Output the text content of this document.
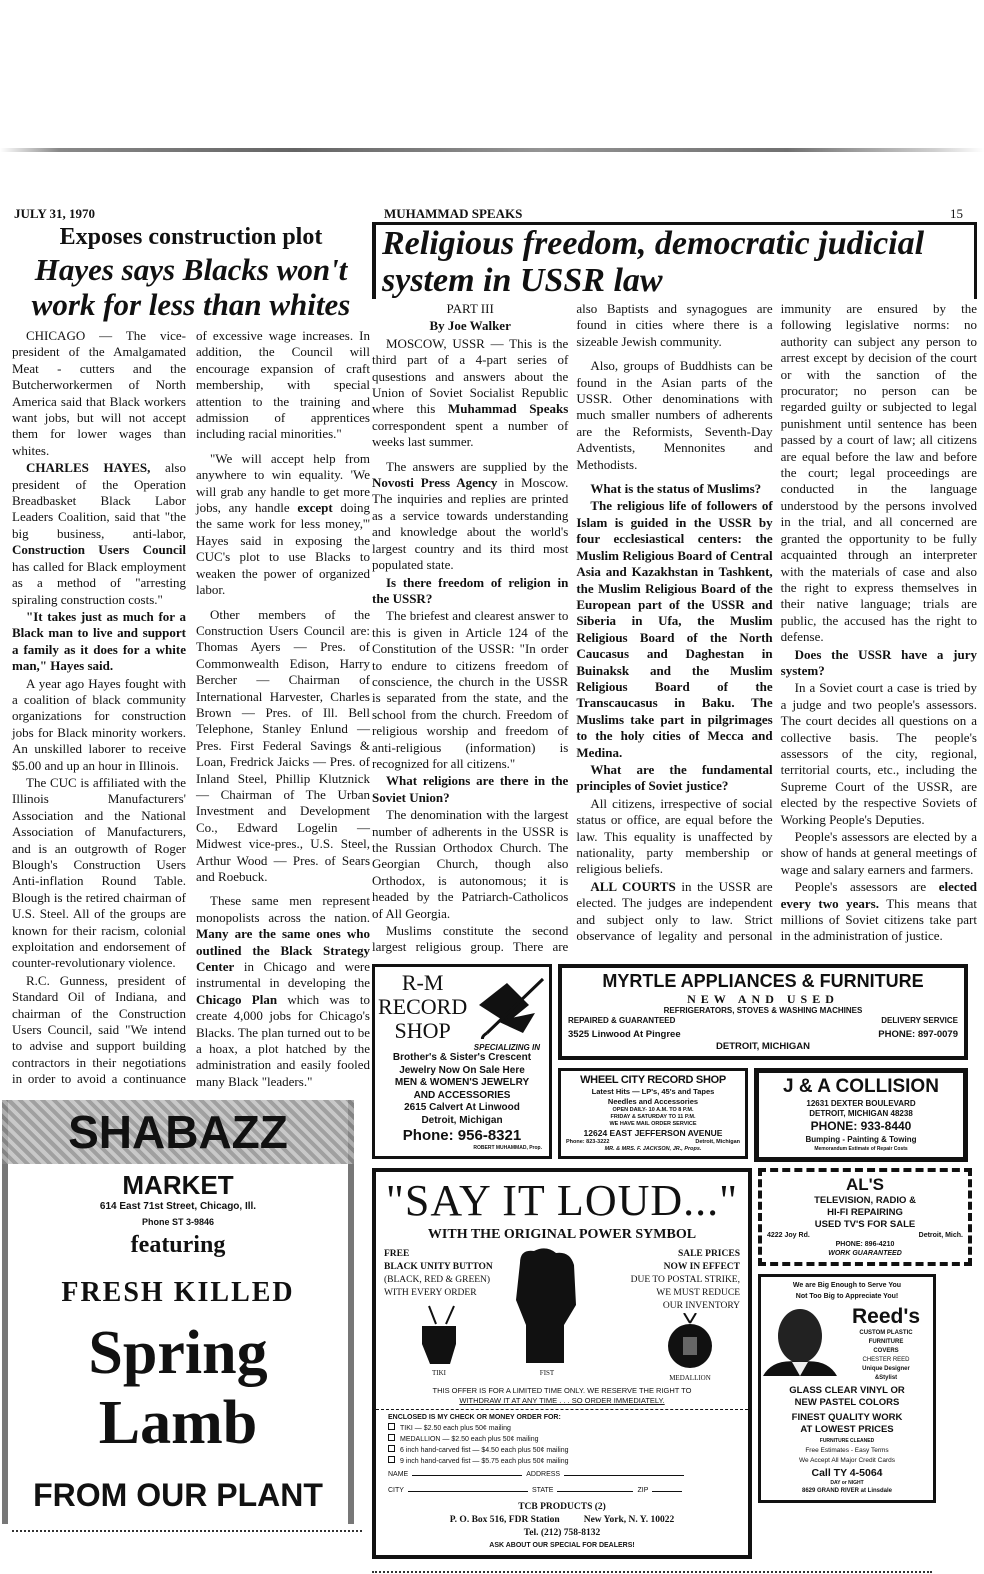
JULY 31, 1970	MUHAMMAD SPEAKS	15
Exposes construction plot
Hayes says Blacks won't work for less than whites

CHICAGO — The vice-president of the Amalgamated Meat - cutters and the Butcherworkermen of North America said that Black workers want jobs, but will not accept them for lower wages than whites.

CHARLES HAYES, also president of the Operation Breadbasket Black Labor Leaders Coalition, said that "the big business, anti-labor, Construction Users Council has called for Black employment as a method of "arresting spiraling construction costs."

"It takes just as much for a Black man to live and support a family as it does for a white man," Hayes said.

A year ago Hayes fought with a coalition of black community organizations for construction jobs for Black minority workers. An unskilled laborer to receive $5.00 and up an hour in Illinois.

The CUC is affiliated with the Illinois Manufacturers' Association and the National Association of Manufacturers, and is an outgrowth of Roger Blough's Construction Users Anti-inflation Round Table. Blough is the retired chairman of U.S. Steel. All of the groups are known for their racism, colonial exploitation and endorsement of counter-revolutionary violence.

R.C. Gunness, president of Standard Oil of Indiana, and chairman of the Construction Users Council, said "We intend to advise and support building contractors in their negotiations in order to avoid a continuance of excessive wage increases. In addition, the Council will encourage expansion of craft membership, with special attention to the training and admission of apprentices including racial minorities."

"We will accept help from anywhere to win equality. 'We will grab any handle to get more jobs, any handle except doing the same work for less money,''' Hayes said in exposing the CUC's plot to use Blacks to weaken the power of organized labor.

Other members of the Construction Users Council are: Thomas Ayers — Pres. of Commonwealth Edison, Harry Bercher — Chairman of International Harvester, Charles Brown — Pres. of Ill. Bell Telephone, Stanley Enlund — Pres. First Federal Savings & Loan, Fredrick Jaicks — Pres. of Inland Steel, Phillip Klutznick — Chairman of The Urban Investment and Development Co., Edward Logelin — Midwest vice-pres., U.S. Steel, Arthur Wood — Pres. of Sears and Roebuck.

These same men represent monopolists across the nation. Many are the same ones who outlined the Black Strategy Center in Chicago and were instrumental in developing the Chicago Plan which was to create 4,000 jobs for Chicago's Blacks. The plan turned out to be a hoax, a plot hatched by the administration and easily fooled many Black "leaders."

SHABAZZ
MARKET
614 East 71st Street, Chicago, Ill.
Phone ST 3-9846
featuring
FRESH KILLED
Spring
Lamb
FROM OUR PLANT
Religious freedom, democratic judicial system in USSR law

PART III

By Joe Walker

MOSCOW, USSR — This is the third part of a 4-part series of qusestions and answers about the Union of Soviet Socialist Republic where this Muhammad Speaks correspondent spent a number of weeks last summer.

The answers are supplied by the Novosti Press Agency in Moscow. The inquiries and replies are printed as a service towards understanding and knowledge about the world's largest country and its third most populated state.

Is there freedom of religion in the USSR?

The briefest and clearest answer to this is given in Article 124 of the Constitution of the USSR: "In order to endure to citizens freedom of conscience, the church in the USSR is separated from the state, and the school from the church. Freedom of religious worship and freedom of anti-religious (information) is recognized for all citizens."

What religions are there in the Soviet Union?

The denomination with the largest number of adherents in the USSR is the Russian Orthodox Church. The Georgian Church, though also Orthodox, is autonomous; it is headed by the Patriarch-Catholicos of All Georgia.

Muslims constitute the second largest religious group. There are also Baptists and synagogues are found in cities where there is a sizeable Jewish community.

Also, groups of Buddhists can be found in the Asian parts of the USSR. Other denominations with much smaller numbers of adherents are the Reformists, Seventh-Day Adventists, Mennonites and Methodists.

What is the status of Muslims?

The religious life of followers of Islam is guided in the USSR by four ecclesiastical centers: the Muslim Religious Board of Central Asia and Kazakhstan in Tashkent, the Muslim Religious Board of the European part of the USSR and Siberia in Ufa, the Muslim Religious Board of the North Caucasus and Daghestan in Buinaksk and the Muslim Religious Board of the Transcaucasus in Baku. The Muslims take part in pilgrimages to the holy cities of Mecca and Medina.

What are the fundamental principles of Soviet justice?

All citizens, irrespective of social status or office, are equal before the law. This equality is unaffected by nationality, party membership or religious beliefs.

ALL COURTS in the USSR are elected. The judges are independent and subject only to law. Strict observance of legality and personal immunity are ensured by the following legislative norms: no authority can subject any person to arrest except by decision of the court or with the sanction of the procurator; no person can be regarded guilty or subjected to legal punishment until sentence has been passed by a court of law; all citizens are equal before the law and before the court; legal proceedings are conducted in the language understood by the persons involved in the trial, and all concerned are granted the opportunity to be fully acquainted through an interpreter with the materials of case and also the right to express themselves in their native language; trials are public, the accused has the right to defense.

Does the USSR have a jury system?

In a Soviet court a case is tried by a judge and two people's assessors. The court decides all questions on a collective basis. The people's assessors of the city, regional, territorial courts, etc., including the Supreme Court of the USSR, are elected by the respective Soviets of Working People's Deputies.

People's assessors are elected by a show of hands at general meetings of wage and salary earners and farmers.

People's assessors are elected every two years. This means that millions of Soviet citizens take part in the administration of justice.

R-M
RECORD
SHOP
SPECIALIZING IN
Brother's & Sister's Crescent
Jewelry Now On Sale Here
MEN & WOMEN'S JEWELRY
AND ACCESSORIES
2615 Calvert At Linwood
Detroit, Michigan
Phone: 956-8321
ROBERT MUHAMMAD, Prop.
MYRTLE APPLIANCES & FURNITURE
NEW AND USED
REFRIGERATORS, STOVES & WASHING MACHINES
REPAIRED & GUARANTEED	DELIVERY SERVICE
3525 Linwood At Pingree	PHONE: 897-0079
DETROIT, MICHIGAN
WHEEL CITY RECORD SHOP
Latest Hits — LP's, 45's and Tapes
Needles and Accessories
OPEN DAILY- 10 A.M. TO 8 P.M.
FRIDAY & SATURDAY TO 11 P.M.
WE HAVE MAIL ORDER SERVICE
12624 EAST JEFFERSON AVENUE
Phone: 823-3222	Detroit, Michigan
MR. & MRS. F. JACKSON, JR., Props.
J & A COLLISION
12631 DEXTER BOULEVARD
DETROIT, MICHIGAN 48238
PHONE: 933-8440
Bumping - Painting & Towing
Memorandum Estimate of Repair Costs
"SAY IT LOUD..."
WITH THE ORIGINAL POWER SYMBOL
FREE
BLACK UNITY BUTTON
(BLACK, RED & GREEN)
WITH EVERY ORDER
TIKI	FIST
SALE PRICES
NOW IN EFFECT
DUE TO POSTAL STRIKE,
WE MUST REDUCE
OUR INVENTORY
MEDALLION
THIS OFFER IS FOR A LIMITED TIME ONLY. WE RESERVE THE RIGHT TO
WITHDRAW IT AT ANY TIME . . . SO ORDER IMMEDIATELY.
ENCLOSED IS MY CHECK OR MONEY ORDER FOR:
TIKI — $2.50 each plus 50¢ mailing
MEDALLION — $2.50 each plus 50¢ mailing
6 inch hand-carved fist — $4.50 each plus 50¢ mailing
9 inch hand-carved fist — $5.75 each plus 50¢ mailing
NAME	ADDRESS
CITY	STATE	ZIP
TCB PRODUCTS (2)
P. O. Box 516, FDR Station	New York, N. Y. 10022
Tel. (212) 758-8132
ASK ABOUT OUR SPECIAL FOR DEALERS!
AL'S
TELEVISION, RADIO &
HI-FI REPAIRING
USED TV'S FOR SALE
4222 Joy Rd.	Detroit, Mich.
PHONE: 896-4210
WORK GUARANTEED
We are Big Enough to Serve You
Not Too Big to Appreciate You!
Reed's
CUSTOM PLASTIC
FURNITURE
COVERS
CHESTER REED
Unique Designer
&Stylist
GLASS CLEAR VINYL OR
NEW PASTEL COLORS
FINEST QUALITY WORK
AT LOWEST PRICES
FURNITURE CLEANED
Free Estimates - Easy Terms
We Accept All Major Credit Cards
Call TY 4-5064
DAY or NIGHT
8629 GRAND RIVER at Linsdale
